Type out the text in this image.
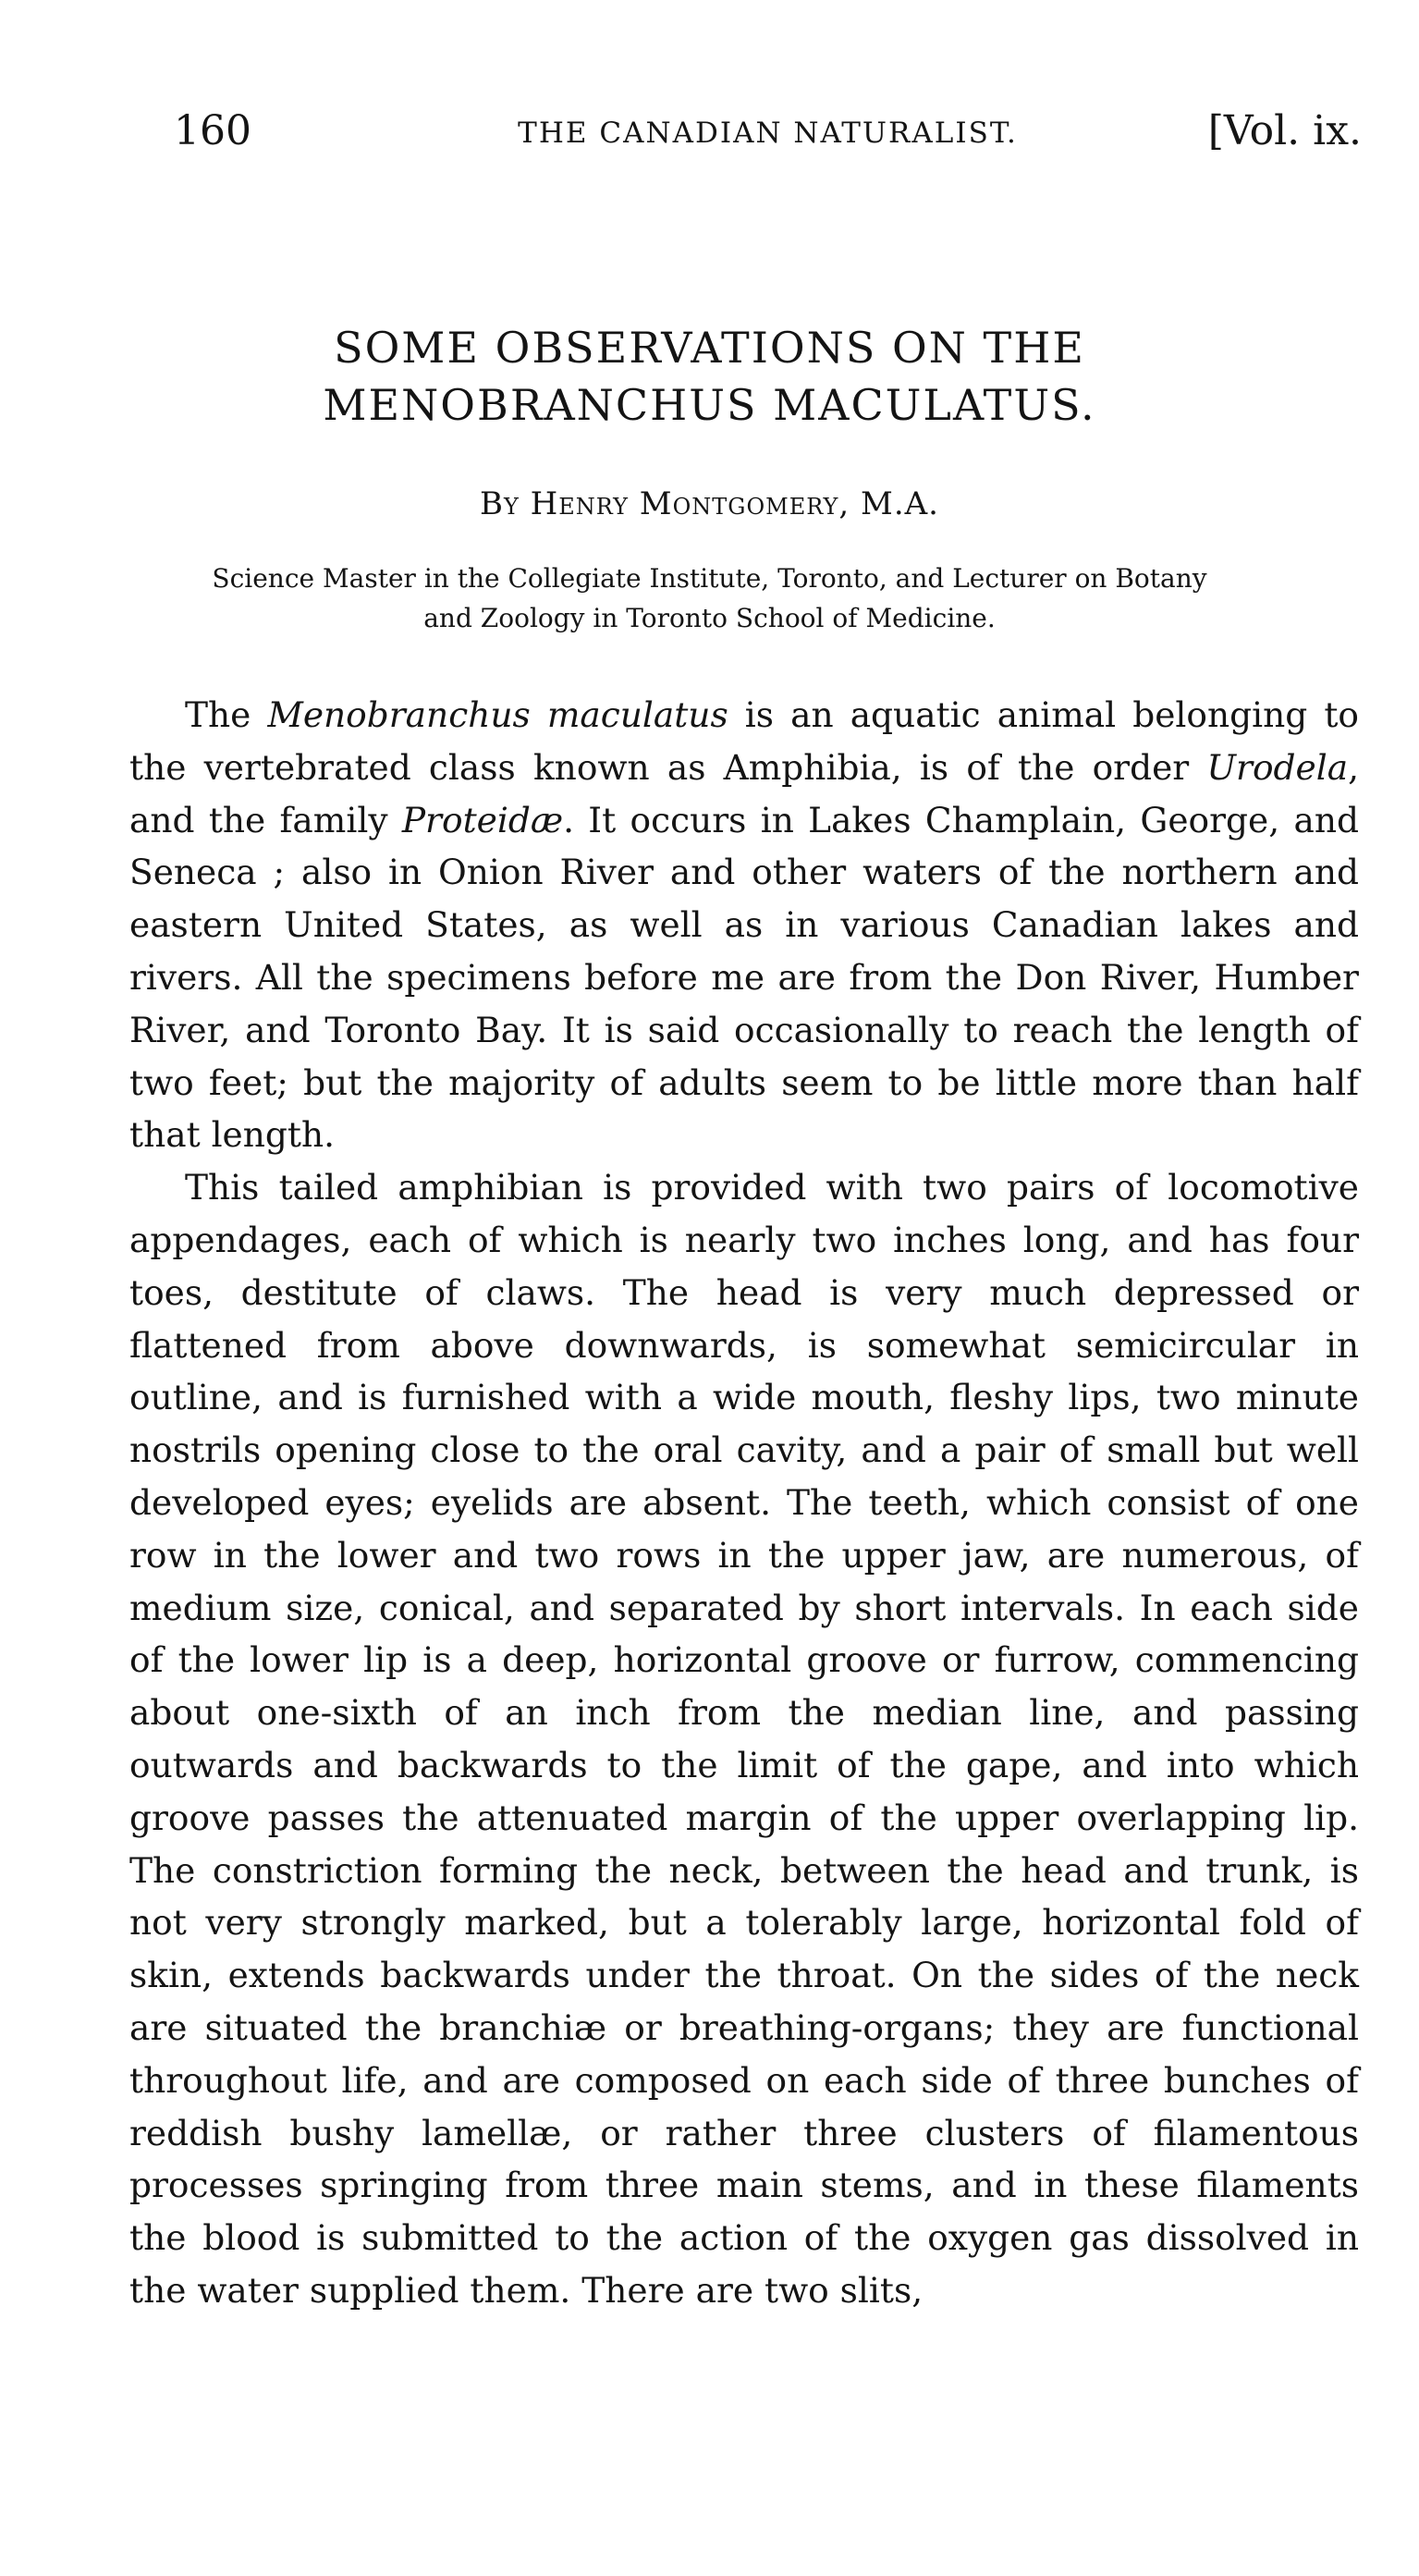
160	THE CANADIAN NATURALIST.	[Vol. ix.
SOME OBSERVATIONS ON THE MENOBRANCHUS MACULATUS.
By Henry Montgomery, M.A.
Science Master in the Collegiate Institute, Toronto, and Lecturer on Botany and Zoology in Toronto School of Medicine.

The Menobranchus maculatus is an aquatic animal belonging to the vertebrated class known as Amphibia, is of the order Urodela, and the family Proteidæ. It occurs in Lakes Champlain, George, and Seneca ; also in Onion River and other waters of the northern and eastern United States, as well as in various Canadian lakes and rivers. All the specimens before me are from the Don River, Humber River, and Toronto Bay. It is said occasionally to reach the length of two feet; but the majority of adults seem to be little more than half that length.

This tailed amphibian is provided with two pairs of locomotive appendages, each of which is nearly two inches long, and has four toes, destitute of claws. The head is very much depressed or flattened from above downwards, is somewhat semicircular in outline, and is furnished with a wide mouth, fleshy lips, two minute nostrils opening close to the oral cavity, and a pair of small but well developed eyes; eyelids are absent. The teeth, which consist of one row in the lower and two rows in the upper jaw, are numerous, of medium size, conical, and separated by short intervals. In each side of the lower lip is a deep, horizontal groove or furrow, commencing about one-sixth of an inch from the median line, and passing outwards and backwards to the limit of the gape, and into which groove passes the attenuated margin of the upper overlapping lip. The constriction forming the neck, between the head and trunk, is not very strongly marked, but a tolerably large, horizontal fold of skin, extends backwards under the throat. On the sides of the neck are situated the branchiæ or breathing-organs; they are functional throughout life, and are composed on each side of three bunches of reddish bushy lamellæ, or rather three clusters of filamentous processes springing from three main stems, and in these filaments the blood is submitted to the action of the oxygen gas dissolved in the water supplied them. There are two slits,
